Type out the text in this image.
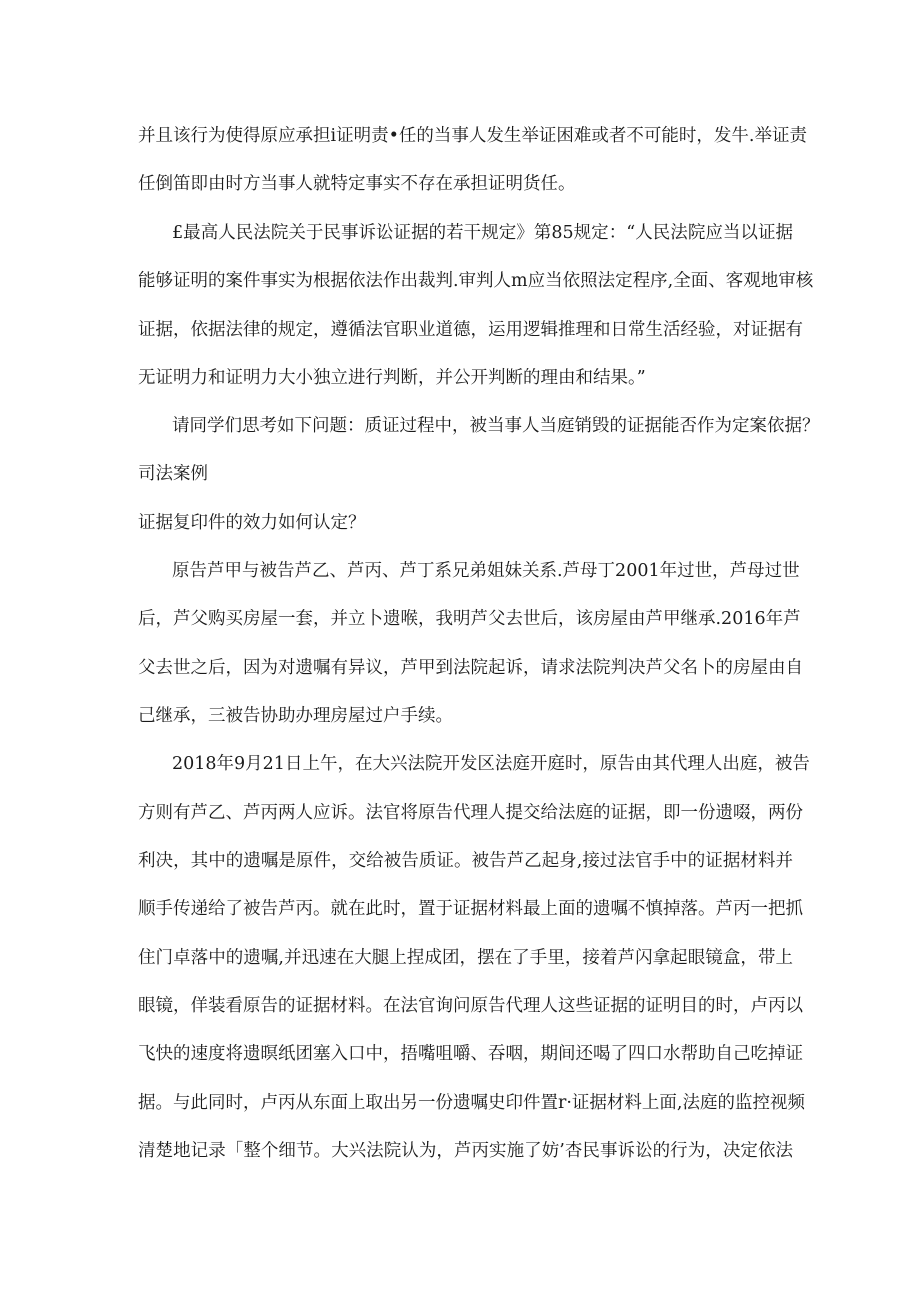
并且该行为使得原应承担i证明责•任的当事人发生举证困难或者不可能时，发牛.举证责
任倒笛即由时方当事人就特定事实不存在承担证明货任。
£最高人民法院关于民事诉讼证据的若干规定》第85规定：“人民法院应当以证据
能够证明的案件事实为根据依法作出裁判.审判人m应当依照法定程序,全面、客观地审核
证据，依据法律的规定，遵循法官职业道德，运用逻辑推理和日常生活经验，对证据有
无证明力和证明力大小独立进行判断，并公开判断的理由和结果。”
请同学们思考如下问题：质证过程中，被当事人当庭销毁的证据能否作为定案依据？
司法案例
证据复印件的效力如何认定？
原告芦甲与被告芦乙、芦丙、芦丁系兄弟姐妹关系.芦母丁2001年过世，芦母过世
后，芦父购买房屋一套，并立卜遗喉，我明芦父去世后，该房屋由芦甲继承.2016年芦
父去世之后，因为对遗嘱有异议，芦甲到法院起诉，请求法院判决芦父名卜的房屋由自
己继承，三被告协助办理房屋过户手续。
2018年9月21日上午，在大兴法院开发区法庭开庭时，原告由其代理人出庭，被告
方则有芦乙、芦丙两人应诉。法官将原告代理人提交给法庭的证据，即一份遗啜，两份
利决，其中的遗嘱是原件，交给被告质证。被告芦乙起身,接过法官手中的证据材料并
顺手传递给了被告芦丙。就在此时，置于证据材料最上面的遗嘱不慎掉落。芦丙一把抓
住门卓落中的遗嘱,并迅速在大腿上捏成团，摆在了手里，接着芦闪拿起眼镜盒，带上
眼镜，佯装看原告的证据材料。在法官询问原告代理人这些证据的证明目的时，卢丙以
飞快的速度将遗暝纸团塞入口中，捂嘴咀嚼、吞咽，期间还喝了四口水帮助自己吃掉证
据。与此同时，卢丙从东面上取出另一份遗嘱史印件置r·证据材料上面,法庭的监控视频
清楚地记录「整个细节。大兴法院认为，芦丙实施了妨’杏民事诉讼的行为，决定依法
